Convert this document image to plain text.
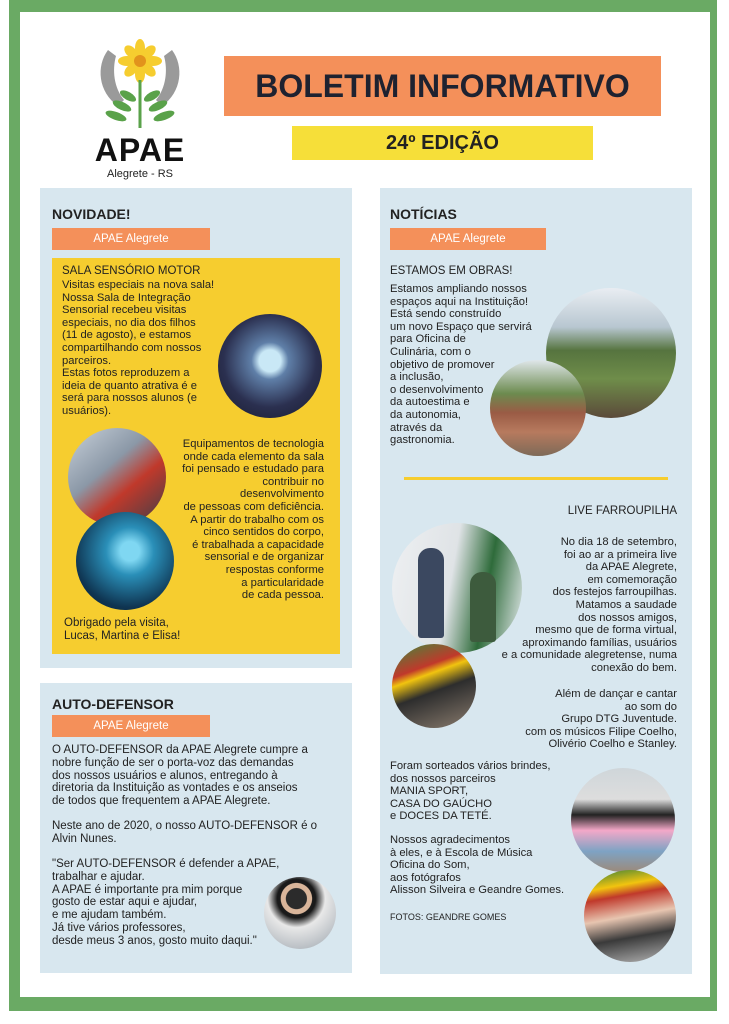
APAE
Alegrete - RS
BOLETIM INFORMATIVO
24º EDIÇÃO
NOVIDADE!
APAE Alegrete
SALA SENSÓRIO MOTOR
Visitas especiais na nova sala!
Nossa Sala de Integração
Sensorial recebeu visitas
especiais, no dia dos filhos
(11 de agosto), e estamos
compartilhando com nossos
parceiros.
Estas fotos reproduzem a
ideia de quanto atrativa é e
será para nossos alunos (e
usuários).
Equipamentos de tecnologia
onde cada elemento da sala
foi pensado e estudado para
contribuir no
desenvolvimento
de pessoas com deficiência.
A partir do trabalho com os
cinco sentidos do corpo,
é trabalhada a capacidade
sensorial e de organizar
respostas conforme
a particularidade
de cada pessoa.
Obrigado pela visita,
Lucas, Martina e Elisa!
AUTO-DEFENSOR
APAE Alegrete
O AUTO-DEFENSOR da APAE Alegrete cumpre a
nobre função de ser o porta-voz das demandas
dos nossos usuários e alunos, entregando à
diretoria da Instituição as vontades e os anseios
de todos que frequentem a APAE Alegrete.
Neste ano de 2020, o nosso AUTO-DEFENSOR é o
Alvin Nunes.
"Ser AUTO-DEFENSOR é defender a APAE,
trabalhar e ajudar.
A APAE é importante pra mim porque
gosto de estar aqui e ajudar,
e me ajudam também.
Já tive vários professores,
desde meus 3 anos, gosto muito daqui."
NOTÍCIAS
APAE Alegrete
ESTAMOS EM OBRAS!
Estamos ampliando nossos
espaços aqui na Instituição!
Está sendo construído
um novo Espaço que servirá
para Oficina de
Culinária, com o
objetivo de promover
a inclusão,
o desenvolvimento
da autoestima e
da autonomia,
através da
gastronomia.
LIVE FARROUPILHA
No dia 18 de setembro,
foi ao ar a primeira live
da APAE Alegrete,
em comemoração
dos festejos farroupilhas.
Matamos a saudade
dos nossos amigos,
mesmo que de forma virtual,
aproximando famílias, usuários
e a comunidade alegretense, numa
conexão do bem.
Além de dançar e cantar
ao som do
Grupo DTG Juventude.
com os músicos Filipe Coelho,
Olivério Coelho e Stanley.
Foram sorteados vários brindes,
dos nossos parceiros
MANIA SPORT,
CASA DO GAÚCHO
e DOCES DA TETÉ.
Nossos agradecimentos
à eles, e à Escola de Música
Oficina do Som,
aos fotógrafos
Alisson Silveira e Geandre Gomes.
FOTOS: GEANDRE GOMES
